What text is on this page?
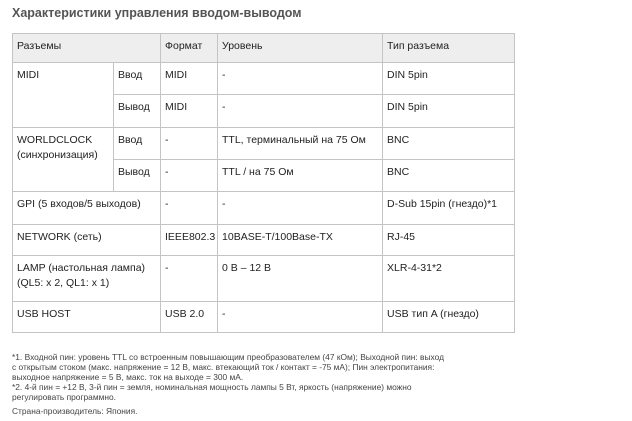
Характеристики управления вводом-выводом
Разъемы		Формат	Уровень	Тип разъема
MIDI	Ввод	MIDI	-	DIN 5pin
	Вывод	MIDI	-	DIN 5pin
WORLDCLOCK
(синхронизация)	Ввод	-	TTL, терминальный на 75 Ом	BNC
	Вывод	-	TTL / на 75 Ом	BNC
GPI (5 входов/5 выходов)		-	-	D-Sub 15pin (гнездо)*1
NETWORK (сеть)		IEEE802.3	10BASE-T/100Base-TX	RJ-45
LAMP (настольная лампа)
(QL5: x 2, QL1: x 1)		-	0 В – 12 В	XLR-4-31*2
USB HOST		USB 2.0	-	USB тип A (гнездо)

*1. Входной пин: уровень TTL со встроенным повышающим преобразователем (47 кОм); Выходной пин: выход

с открытым стоком (макс. напряжение = 12 В, макс. втекающий ток / контакт = -75 мА); Пин электропитания:

выходное напряжение = 5 В, макс. ток на выходе = 300 мА.

*2. 4-й пин = +12 В, 3-й пин = земля, номинальная мощность лампы 5 Вт, яркость (напряжение) можно

регулировать программно.

Страна-производитель: Япония.
